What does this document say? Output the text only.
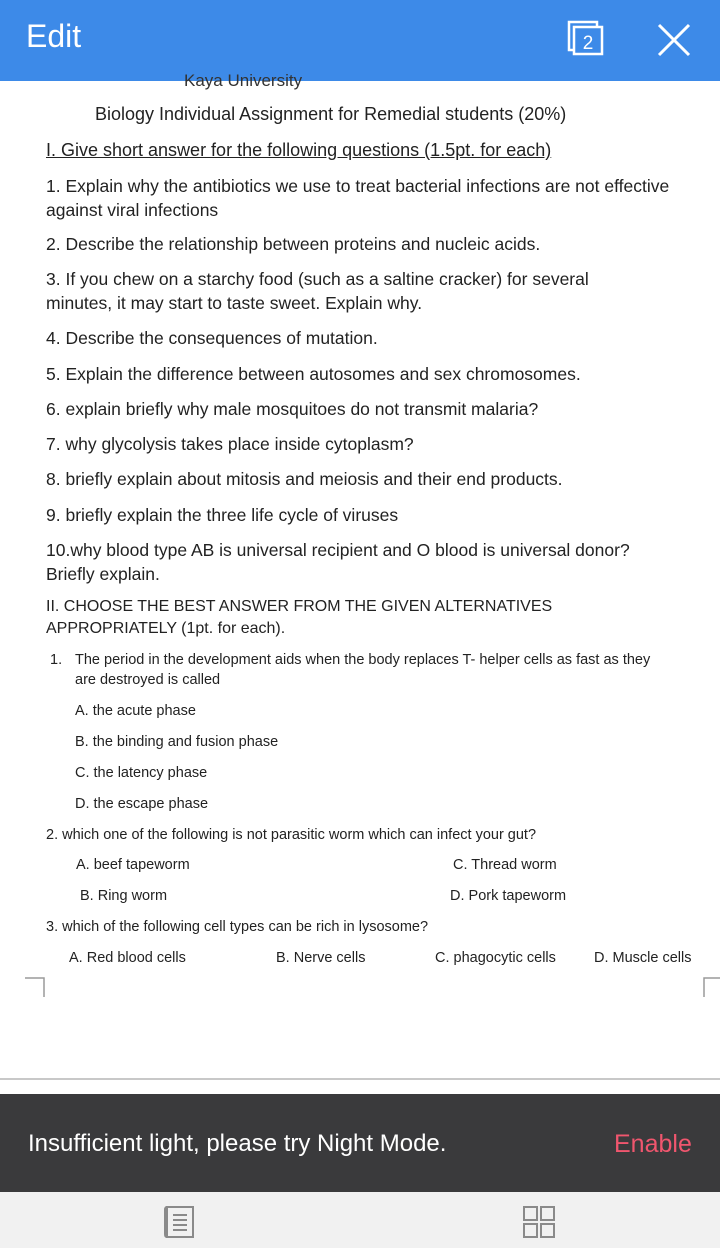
Edit	2
Kaya University
Biology Individual Assignment for Remedial students (20%)
I. Give short answer for the following questions (1.5pt. for each)
1. Explain why the antibiotics we use to treat bacterial infections are not effective
against viral infections
2. Describe the relationship between proteins and nucleic acids.
3. If you chew on a starchy food (such as a saltine cracker) for several
minutes, it may start to taste sweet. Explain why.
4. Describe the consequences of mutation.
5. Explain the difference between autosomes and sex chromosomes.
6. explain briefly why male mosquitoes do not transmit malaria?
7. why glycolysis takes place inside cytoplasm?
8. briefly explain about mitosis and meiosis and their end products.
9. briefly explain the three life cycle of viruses
10.why blood type AB is universal recipient and O blood is universal donor?
Briefly explain.
II. CHOOSE THE BEST ANSWER FROM THE GIVEN ALTERNATIVES
APPROPRIATELY (1pt. for each).
1. The period in the development aids when the body replaces T- helper cells as fast as they
are destroyed is called
A. the acute phase
B. the binding and fusion phase
C. the latency phase
D. the escape phase
2. which one of the following is not parasitic worm which can infect your gut?
A. beef tapeworm	C. Thread worm
B. Ring worm	D. Pork tapeworm
3. which of the following cell types can be rich in lysosome?
A. Red blood cells	B. Nerve cells	C. phagocytic cells	D. Muscle cells
Insufficient light, please try Night Mode.	Enable
